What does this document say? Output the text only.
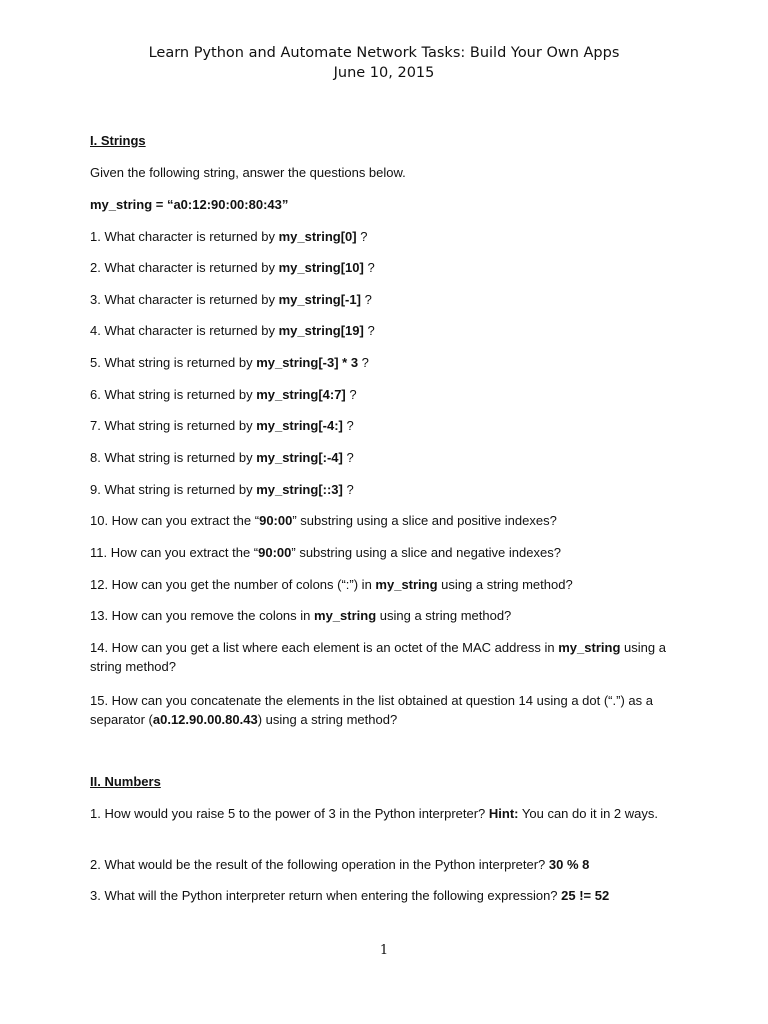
Learn Python and Automate Network Tasks: Build Your Own Apps
June 10, 2015
I. Strings
Given the following string, answer the questions below.
my_string = “a0:12:90:00:80:43”
1. What character is returned by my_string[0] ?
2. What character is returned by my_string[10] ?
3. What character is returned by my_string[-1] ?
4. What character is returned by my_string[19] ?
5. What string is returned by my_string[-3] * 3 ?
6. What string is returned by my_string[4:7] ?
7. What string is returned by my_string[-4:] ?
8. What string is returned by my_string[:-4] ?
9. What string is returned by my_string[::3] ?
10. How can you extract the “90:00” substring using a slice and positive indexes?
11. How can you extract the “90:00” substring using a slice and negative indexes?
12. How can you get the number of colons (“:”) in my_string using a string method?
13. How can you remove the colons in my_string using a string method?
14. How can you get a list where each element is an octet of the MAC address in my_string using a string method?
15. How can you concatenate the elements in the list obtained at question 14 using a dot (“.”) as a separator (a0.12.90.00.80.43) using a string method?
II. Numbers
1. How would you raise 5 to the power of 3 in the Python interpreter? Hint: You can do it in 2 ways.
2. What would be the result of the following operation in the Python interpreter? 30 % 8
3. What will the Python interpreter return when entering the following expression? 25 != 52
1
